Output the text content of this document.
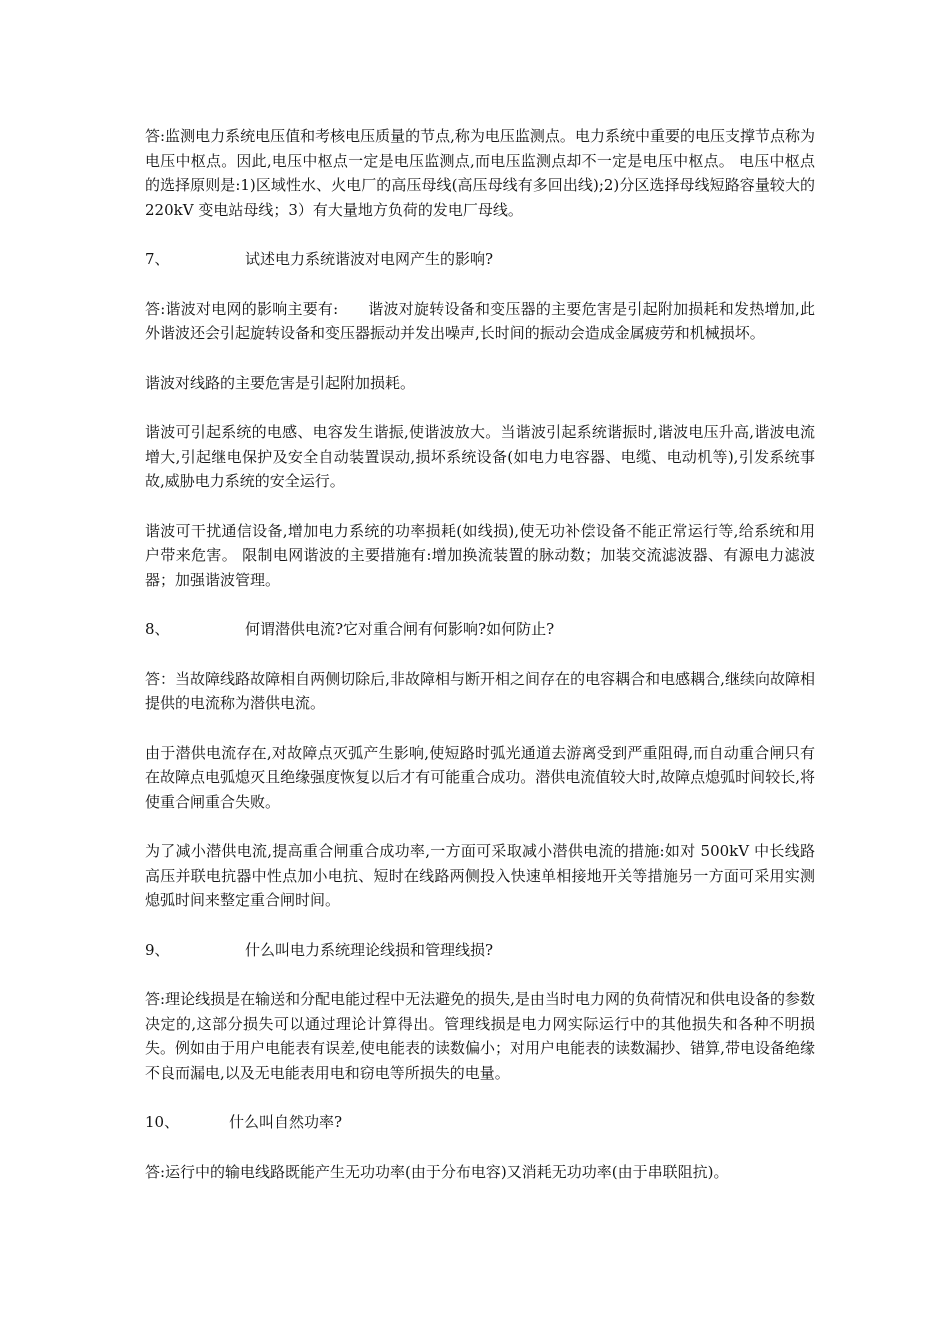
答:监测电力系统电压值和考核电压质量的节点,称为电压监测点。电力系统中重要的电压支撑节点称为电压中枢点。因此,电压中枢点一定是电压监测点,而电压监测点却不一定是电压中枢点。 电压中枢点的选择原则是:1)区域性水、火电厂的高压母线(高压母线有多回出线);2)分区选择母线短路容量较大的 220kV 变电站母线；3）有大量地方负荷的发电厂母线。

7、	试述电力系统谐波对电网产生的影响?

答:谐波对电网的影响主要有:      谐波对旋转设备和变压器的主要危害是引起附加损耗和发热增加,此外谐波还会引起旋转设备和变压器振动并发出噪声,长时间的振动会造成金属疲劳和机械损坏。

谐波对线路的主要危害是引起附加损耗。

谐波可引起系统的电感、电容发生谐振,使谐波放大。当谐波引起系统谐振时,谐波电压升高,谐波电流增大,引起继电保护及安全自动装置误动,损坏系统设备(如电力电容器、电缆、电动机等),引发系统事故,威胁电力系统的安全运行。

谐波可干扰通信设备,增加电力系统的功率损耗(如线损),使无功补偿设备不能正常运行等,给系统和用户带来危害。 限制电网谐波的主要措施有:增加换流装置的脉动数；加装交流滤波器、有源电力滤波器；加强谐波管理。

8、	何谓潜供电流?它对重合闸有何影响?如何防止?

答：当故障线路故障相自两侧切除后,非故障相与断开相之间存在的电容耦合和电感耦合,继续向故障相提供的电流称为潜供电流。

由于潜供电流存在,对故障点灭弧产生影响,使短路时弧光通道去游离受到严重阻碍,而自动重合闸只有在故障点电弧熄灭且绝缘强度恢复以后才有可能重合成功。潜供电流值较大时,故障点熄弧时间较长,将使重合闸重合失败。

为了减小潜供电流,提高重合闸重合成功率,一方面可采取减小潜供电流的措施:如对 500kV 中长线路高压并联电抗器中性点加小电抗、短时在线路两侧投入快速单相接地开关等措施另一方面可采用实测熄弧时间来整定重合闸时间。

9、	什么叫电力系统理论线损和管理线损?

答:理论线损是在输送和分配电能过程中无法避免的损失,是由当时电力网的负荷情况和供电设备的参数决定的,这部分损失可以通过理论计算得出。管理线损是电力网实际运行中的其他损失和各种不明损失。例如由于用户电能表有误差,使电能表的读数偏小；对用户电能表的读数漏抄、错算,带电设备绝缘不良而漏电,以及无电能表用电和窃电等所损失的电量。

10、	什么叫自然功率?

答:运行中的输电线路既能产生无功功率(由于分布电容)又消耗无功功率(由于串联阻抗)。
